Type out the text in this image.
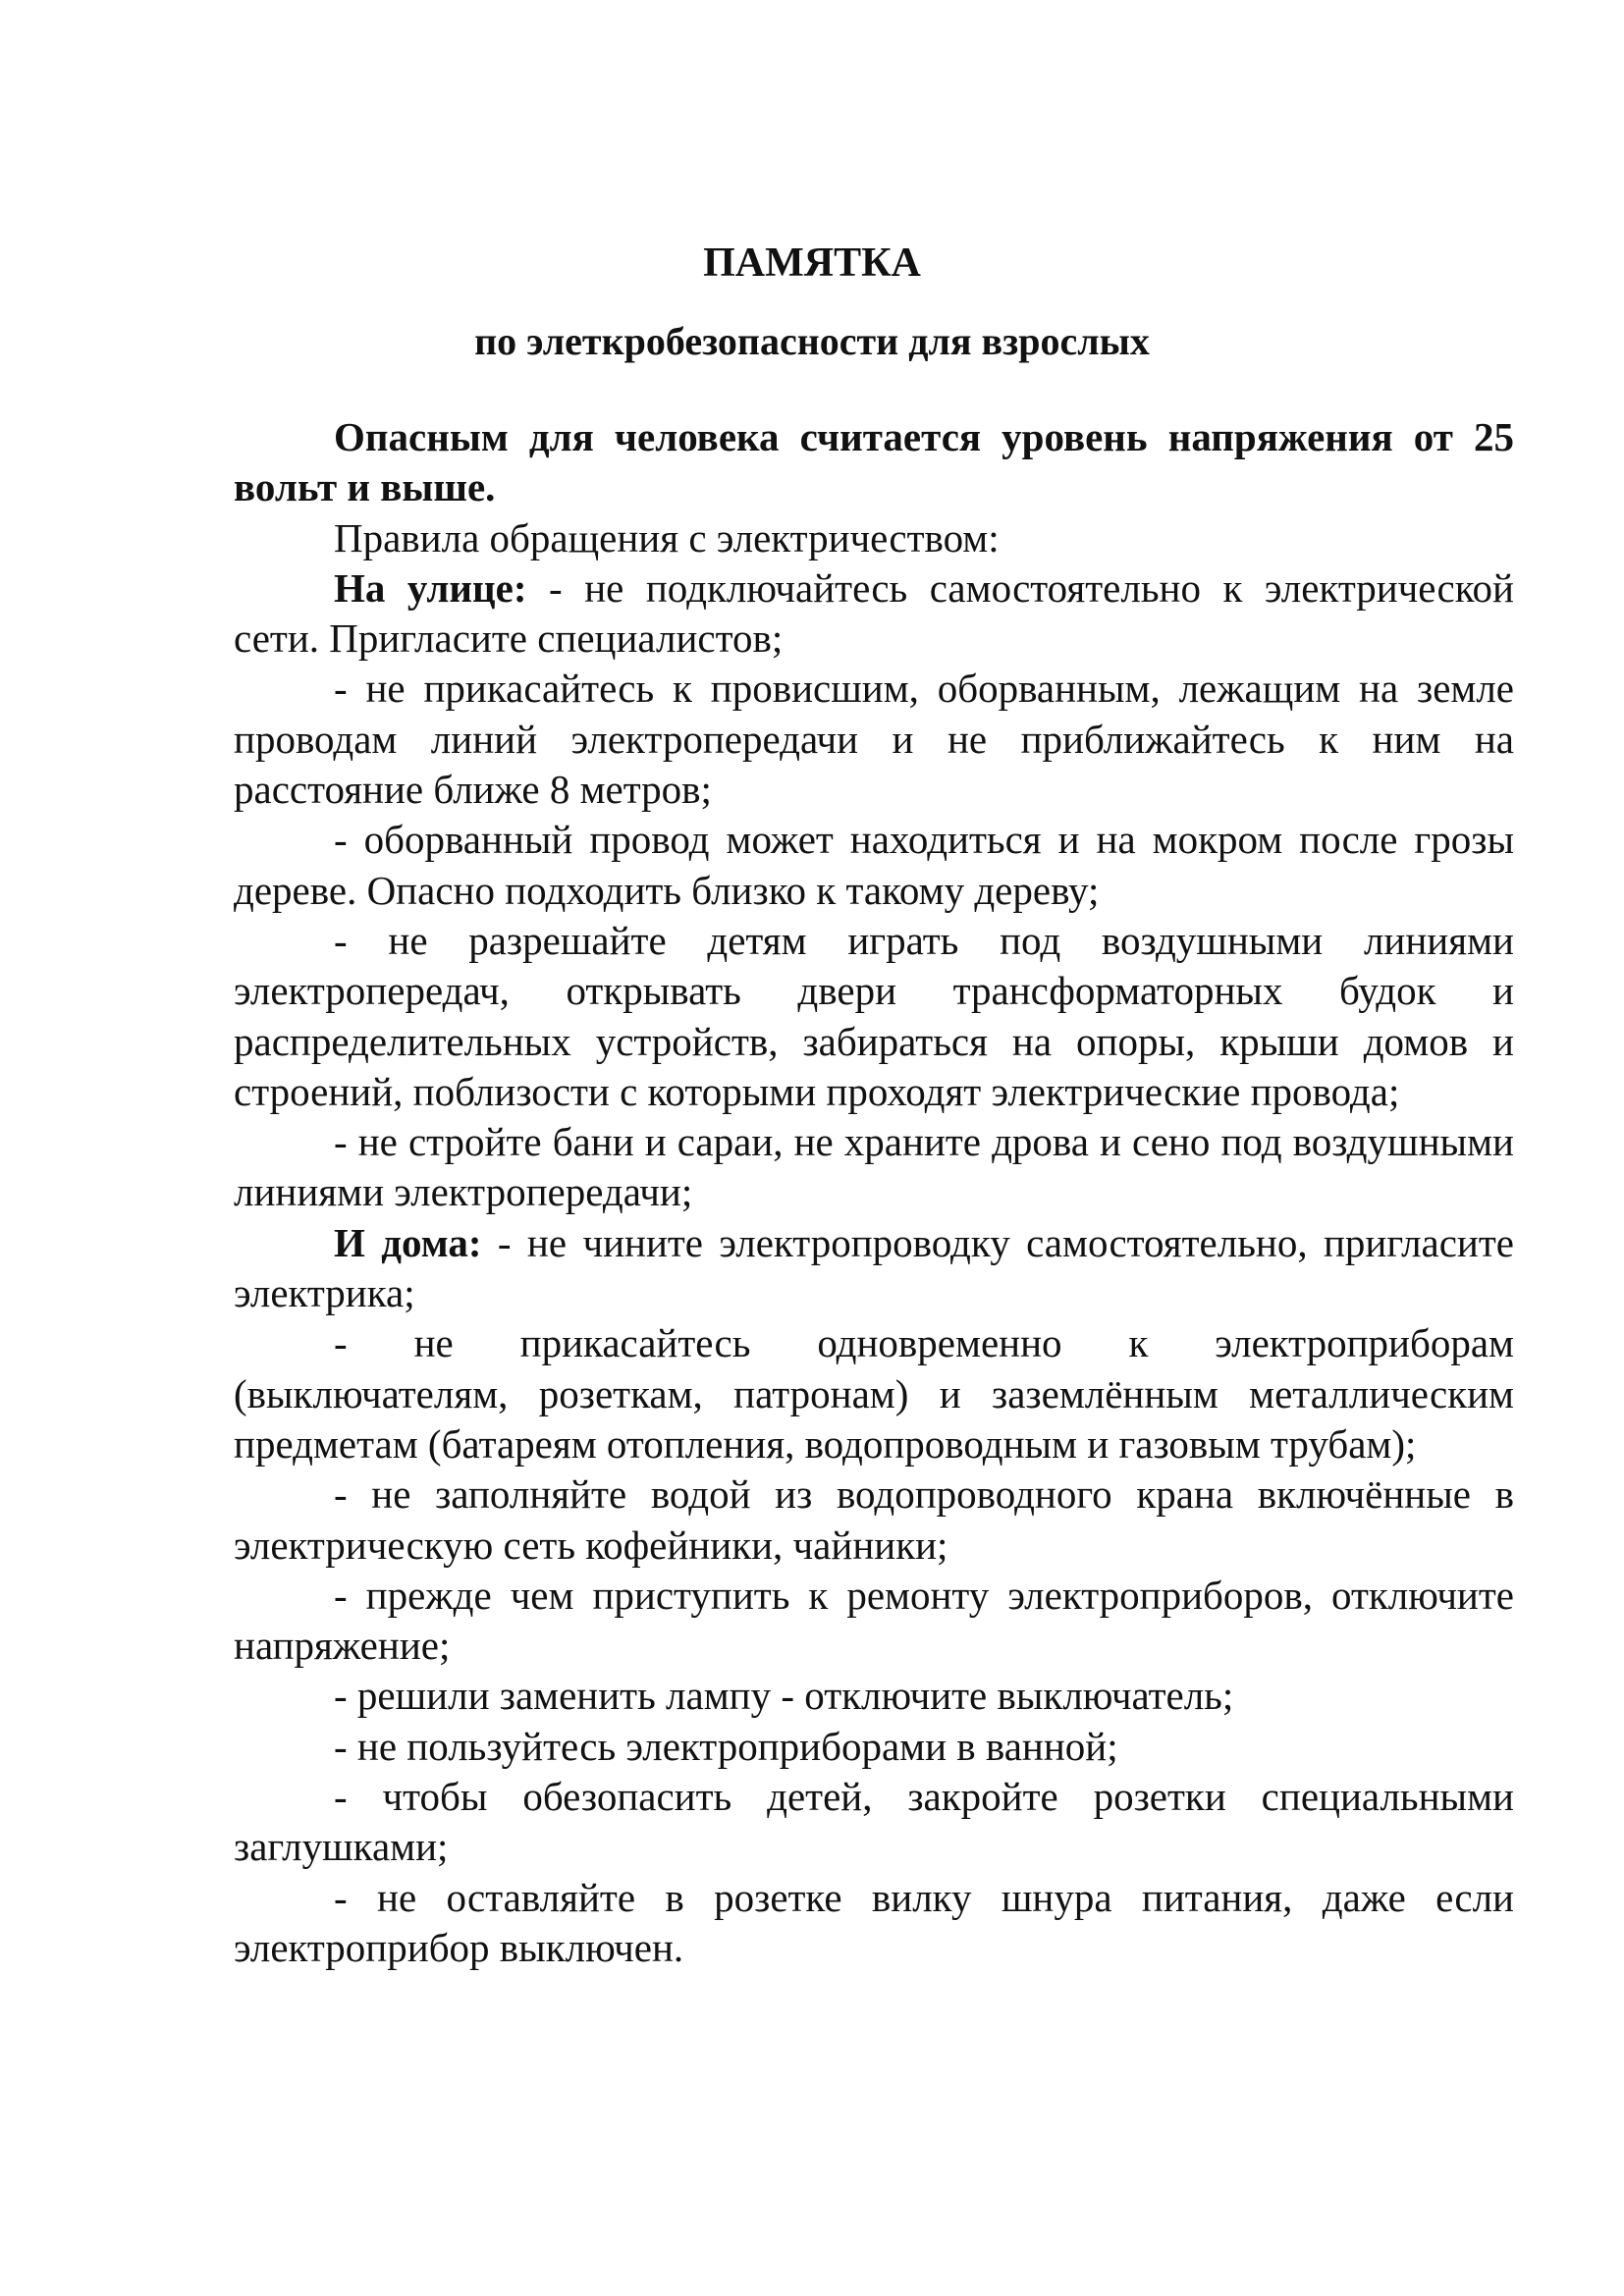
ПАМЯТКА
по элеткробезопасности для взрослых

Опасным для человека считается уровень напряжения от 25 вольт и выше.

Правила обращения с электричеством:

На улице: - не подключайтесь самостоятельно к электрической сети. Пригласите специалистов;

- не прикасайтесь к провисшим, оборванным, лежащим на земле проводам линий электропередачи и не приближайтесь к ним на расстояние ближе 8 метров;

- оборванный провод может находиться и на мокром после грозы дереве. Опасно подходить близко к такому дереву;

- не разрешайте детям играть под воздушными линиями электропередач, открывать двери трансформаторных будок и распределительных устройств, забираться на опоры, крыши домов и строений, поблизости с которыми проходят электрические провода;

- не стройте бани и сараи, не храните дрова и сено под воздушными линиями электропередачи;

И дома: - не чините электропроводку самостоятельно, пригласите электрика;

- не прикасайтесь одновременно к электроприборам (выключателям, розеткам, патронам) и заземлённым металлическим предметам (батареям отопления, водопроводным и газовым трубам);

- не заполняйте водой из водопроводного крана включённые в электрическую сеть кофейники, чайники;

- прежде чем приступить к ремонту электроприборов, отключите напряжение;

- решили заменить лампу - отключите выключатель;

- не пользуйтесь электроприборами в ванной;

- чтобы обезопасить детей, закройте розетки специальными заглушками;

- не оставляйте в розетке вилку шнура питания, даже если электроприбор выключен.
